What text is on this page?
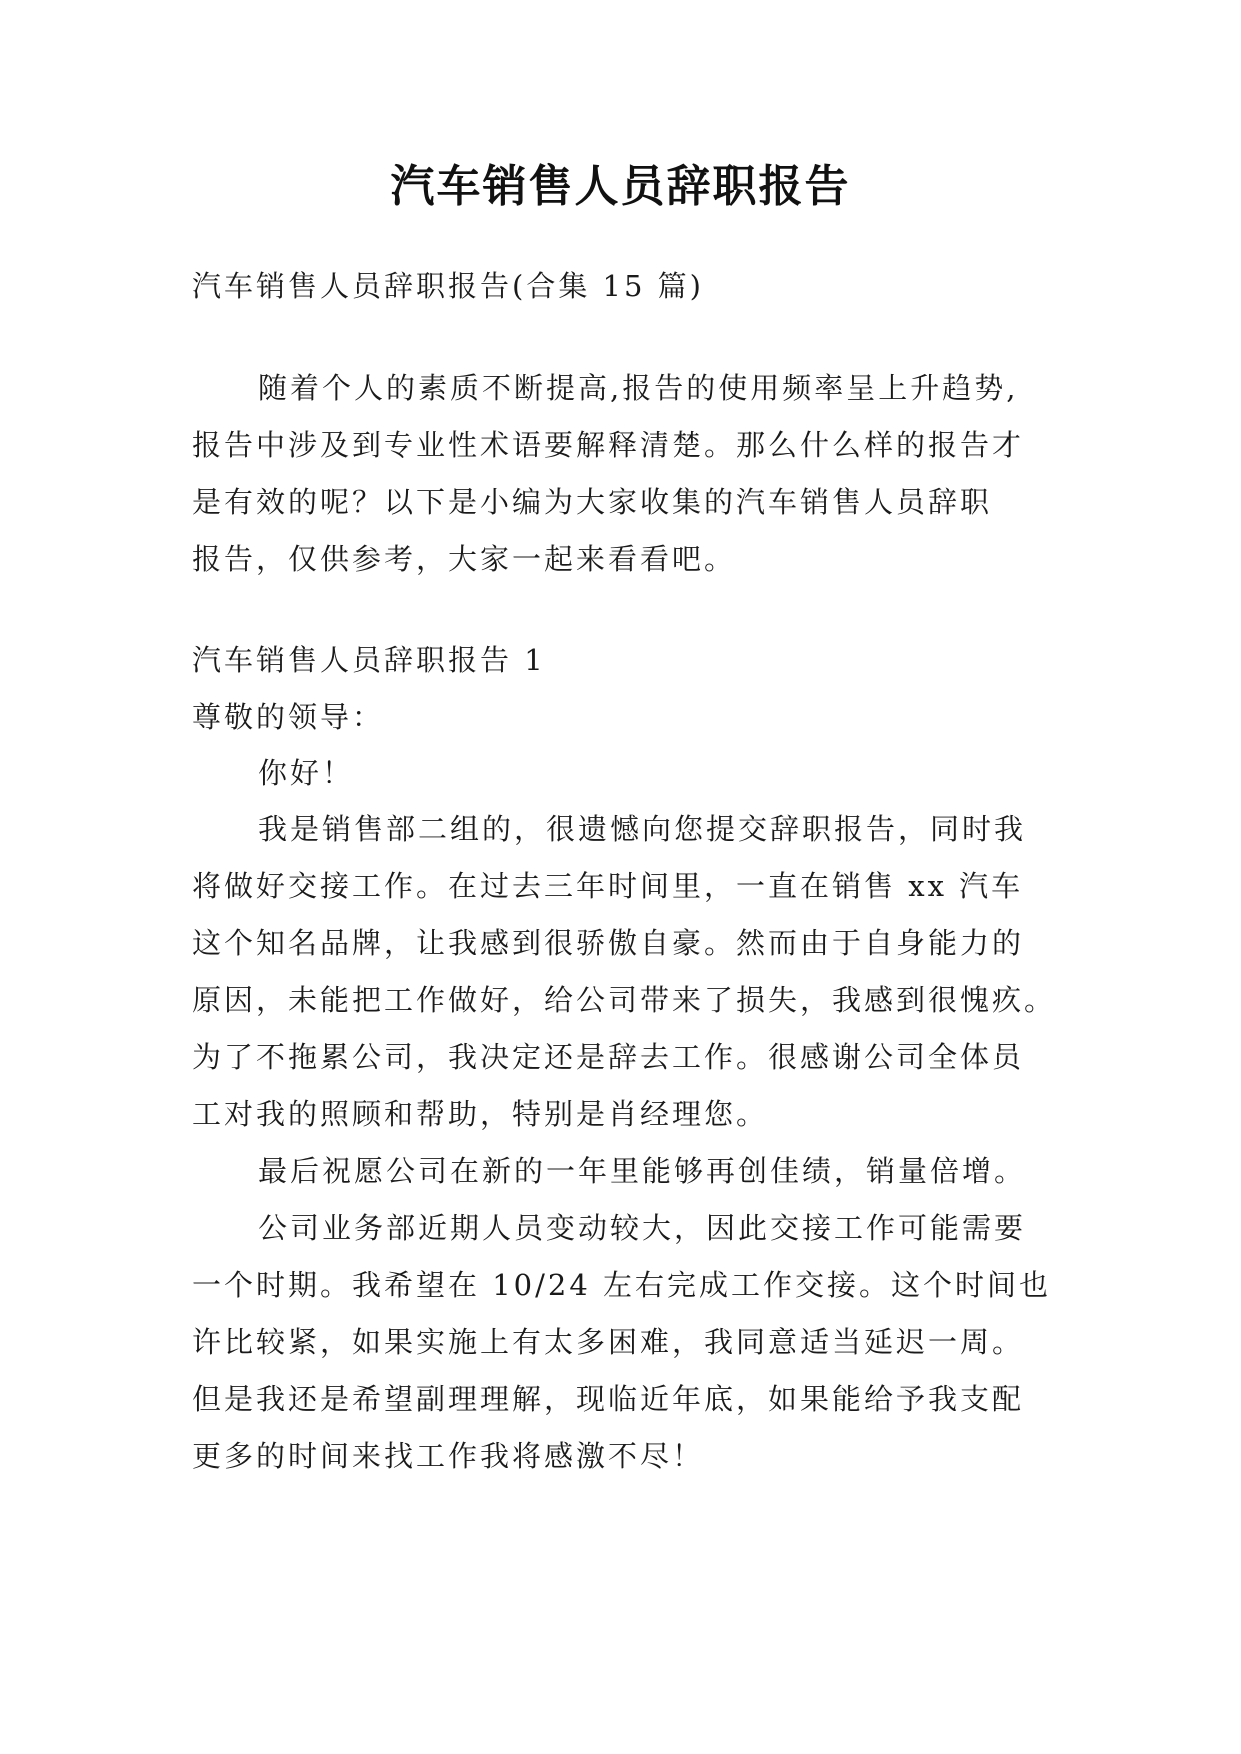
汽车销售人员辞职报告
汽车销售人员辞职报告(合集 15 篇)
随着个人的素质不断提高,报告的使用频率呈上升趋势,
报告中涉及到专业性术语要解释清楚。那么什么样的报告才
是有效的呢？以下是小编为大家收集的汽车销售人员辞职
报告，仅供参考，大家一起来看看吧。
汽车销售人员辞职报告 1
尊敬的领导：
你好！
我是销售部二组的，很遗憾向您提交辞职报告，同时我
将做好交接工作。在过去三年时间里，一直在销售 xx 汽车
这个知名品牌，让我感到很骄傲自豪。然而由于自身能力的
原因，未能把工作做好，给公司带来了损失，我感到很愧疚。
为了不拖累公司，我决定还是辞去工作。很感谢公司全体员
工对我的照顾和帮助，特别是肖经理您。
最后祝愿公司在新的一年里能够再创佳绩，销量倍增。
公司业务部近期人员变动较大，因此交接工作可能需要
一个时期。我希望在 10/24 左右完成工作交接。这个时间也
许比较紧，如果实施上有太多困难，我同意适当延迟一周。
但是我还是希望副理理解，现临近年底，如果能给予我支配
更多的时间来找工作我将感激不尽！
